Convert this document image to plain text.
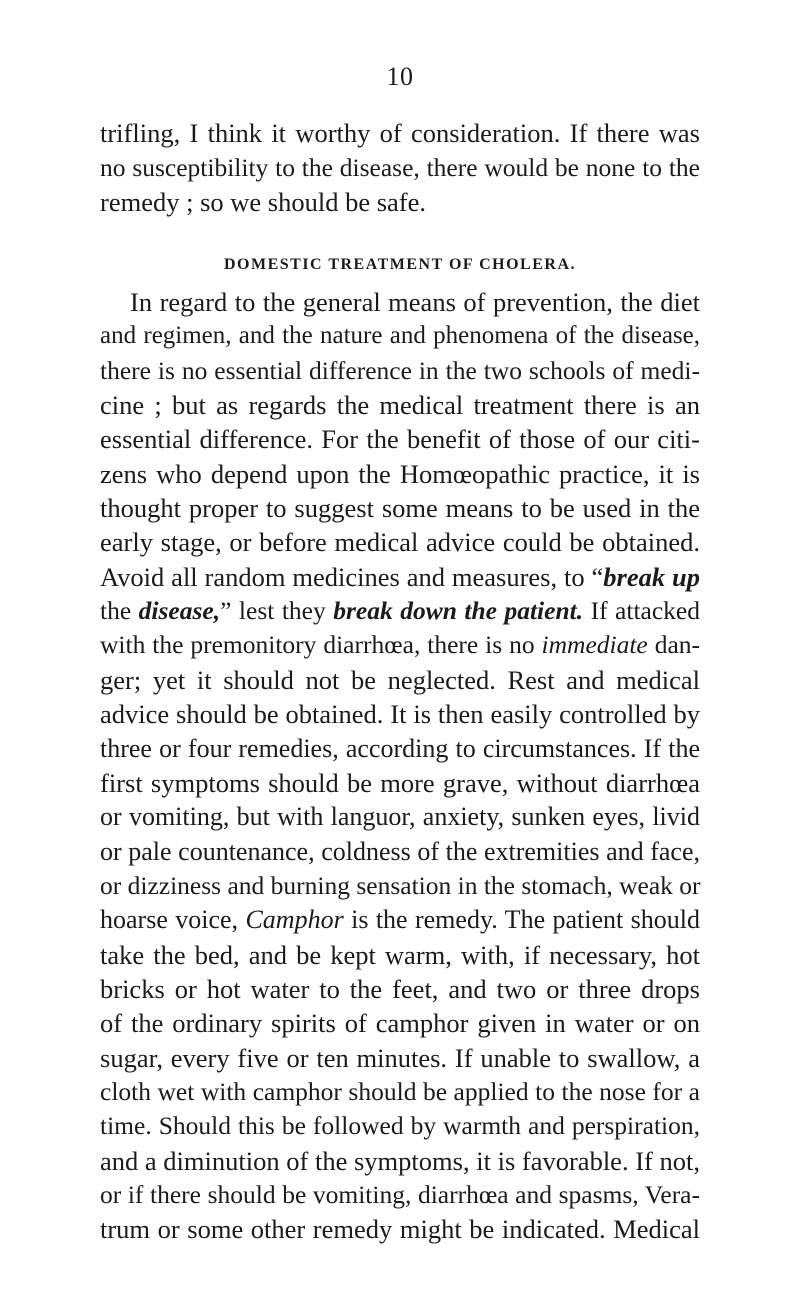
10
trifling, I think it worthy of consideration. If there was
no susceptibility to the disease, there would be none to the
remedy ; so we should be safe.
DOMESTIC TREATMENT OF CHOLERA.
In regard to the general means of prevention, the diet
and regimen, and the nature and phenomena of the disease,
there is no essential difference in the two schools of medi-
cine ; but as regards the medical treatment there is an
essential difference. For the benefit of those of our citi-
zens who depend upon the Homœopathic practice, it is
thought proper to suggest some means to be used in the
early stage, or before medical advice could be obtained.
Avoid all random medicines and measures, to “break up
the disease,” lest they break down the patient. If attacked
with the premonitory diarrhœa, there is no immediate dan-
ger; yet it should not be neglected. Rest and medical
advice should be obtained. It is then easily controlled by
three or four remedies, according to circumstances. If the
first symptoms should be more grave, without diarrhœa
or vomiting, but with languor, anxiety, sunken eyes, livid
or pale countenance, coldness of the extremities and face,
or dizziness and burning sensation in the stomach, weak or
hoarse voice, Camphor is the remedy. The patient should
take the bed, and be kept warm, with, if necessary, hot
bricks or hot water to the feet, and two or three drops
of the ordinary spirits of camphor given in water or on
sugar, every five or ten minutes. If unable to swallow, a
cloth wet with camphor should be applied to the nose for a
time. Should this be followed by warmth and perspiration,
and a diminution of the symptoms, it is favorable. If not,
or if there should be vomiting, diarrhœa and spasms, Vera-
trum or some other remedy might be indicated. Medical
